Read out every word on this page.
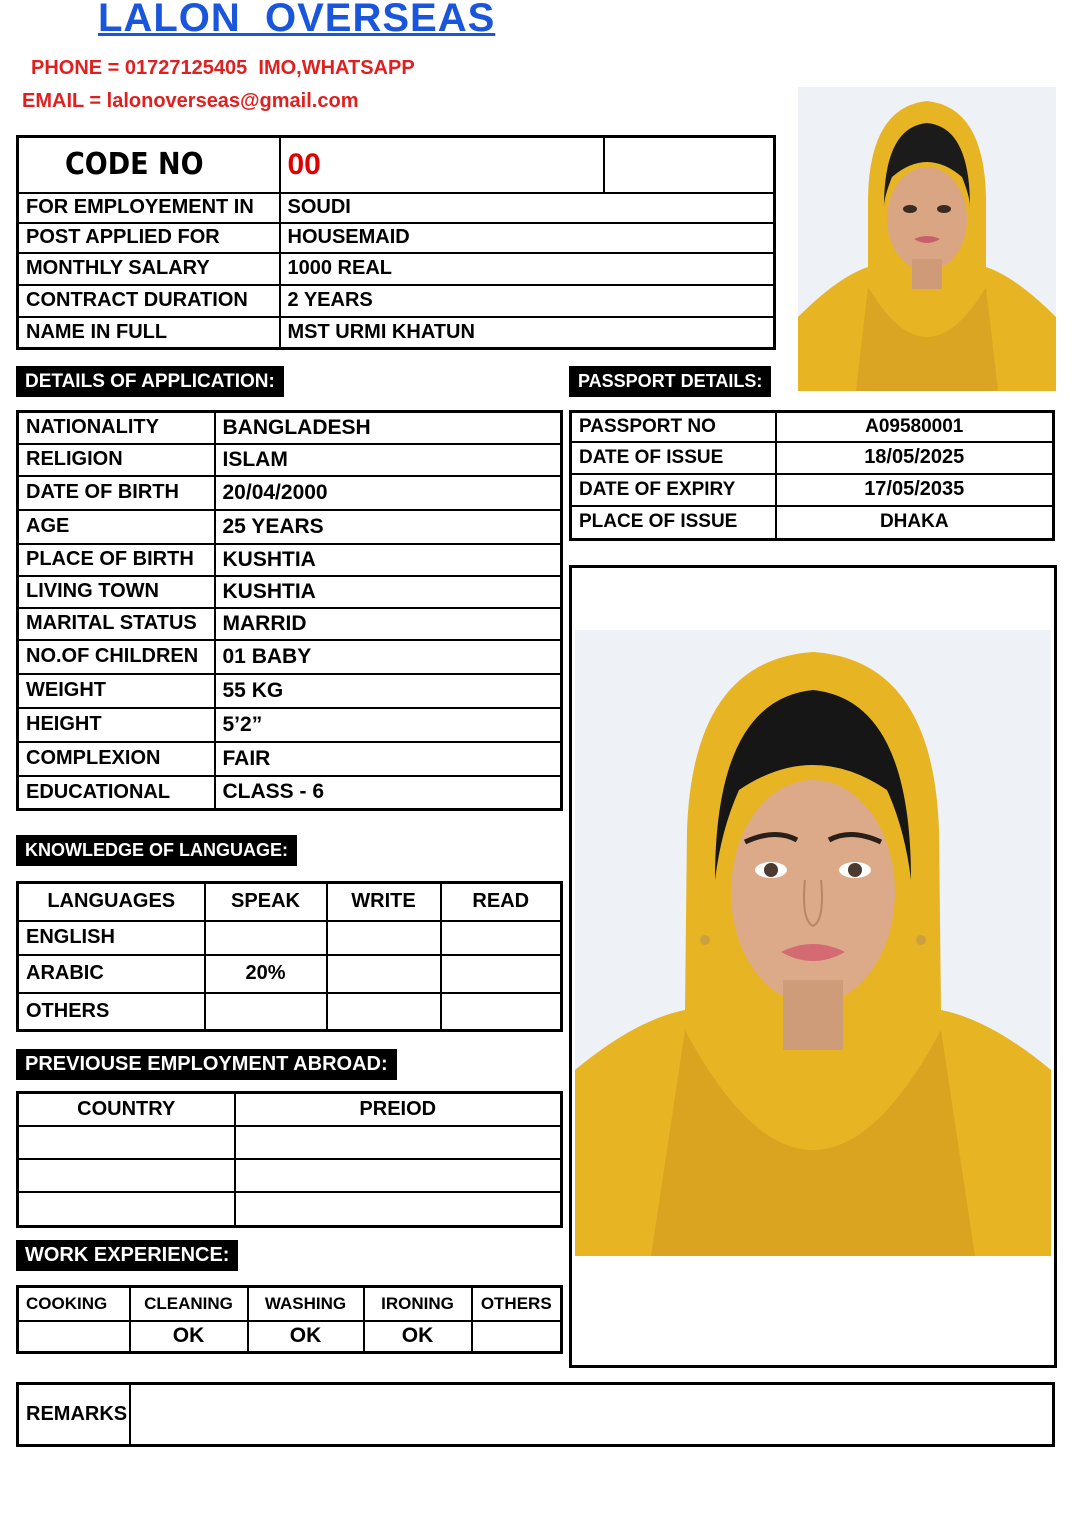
LALON  OVERSEAS
PHONE = 01727125405  IMO,WHATSAPP
EMAIL = lalonoverseas@gmail.com
CODE NO	00	
FOR EMPLOYEMENT IN	SOUDI	
POST APPLIED FOR	HOUSEMAID	
MONTHLY SALARY	1000 REAL	
CONTRACT DURATION	2 YEARS	
NAME IN FULL	MST URMI KHATUN	
DETAILS OF APPLICATION:	PASSPORT DETAILS:
NATIONALITY	BANGLADESH
RELIGION	ISLAM
DATE OF BIRTH	20/04/2000
AGE	25 YEARS
PLACE OF BIRTH	KUSHTIA
LIVING TOWN	KUSHTIA
MARITAL STATUS	MARRID
NO.OF CHILDREN	01 BABY
WEIGHT	55 KG
HEIGHT	5’2”
COMPLEXION	FAIR
EDUCATIONAL	CLASS - 6
PASSPORT NO	A09580001
DATE OF ISSUE	18/05/2025
DATE OF EXPIRY	17/05/2035
PLACE OF ISSUE	DHAKA
KNOWLEDGE OF LANGUAGE:
LANGUAGES	SPEAK	WRITE	READ
ENGLISH			
ARABIC	20%		
OTHERS			
PREVIOUSE EMPLOYMENT ABROAD:
COUNTRY	PREIOD

WORK EXPERIENCE:
COOKING	CLEANING	WASHING	IRONING	OTHERS
	OK	OK	OK	
REMARKS	
